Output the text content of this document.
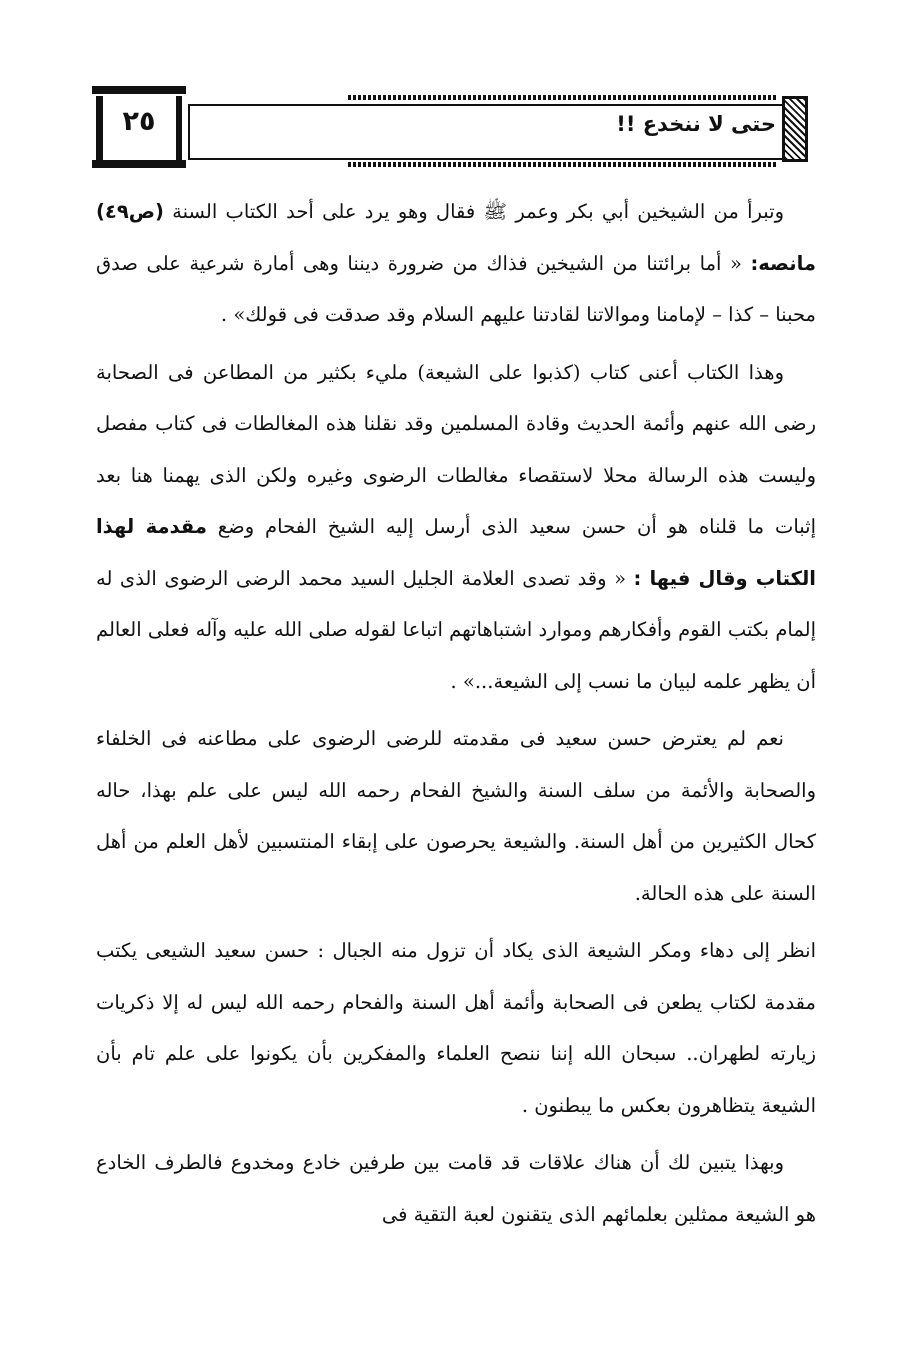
٢٥	حتى لا ننخدع !!

وتبرأ من الشيخين أبي بكر وعمر ﷺ فقال وهو يرد على أحد الكتاب السنة (ص٤٩) مانصه: « أما برائتنا من الشيخين فذاك من ضرورة ديننا وهى أمارة شرعية على صدق محبنا – كذا – لإمامنا وموالاتنا لقادتنا عليهم السلام وقد صدقت فى قولك» .

وهذا الكتاب أعنى كتاب (كذبوا على الشيعة) مليء بكثير من المطاعن فى الصحابة رضى الله عنهم وأئمة الحديث وقادة المسلمين وقد نقلنا هذه المغالطات فى كتاب مفصل وليست هذه الرسالة محلا لاستقصاء مغالطات الرضوى وغيره ولكن الذى يهمنا هنا بعد إثبات ما قلناه هو أن حسن سعيد الذى أرسل إليه الشيخ الفحام وضع مقدمة لهذا الكتاب وقال فيها : « وقد تصدى العلامة الجليل السيد محمد الرضى الرضوى الذى له إلمام بكتب القوم وأفكارهم وموارد اشتباهاتهم اتباعا لقوله صلى الله عليه وآله فعلى العالم أن يظهر علمه لبيان ما نسب إلى الشيعة...» .

نعم لم يعترض حسن سعيد فى مقدمته للرضى الرضوى على مطاعنه فى الخلفاء والصحابة والأئمة من سلف السنة والشيخ الفحام رحمه الله ليس على علم بهذا، حاله كحال الكثيرين من أهل السنة. والشيعة يحرصون على إبقاء المنتسبين لأهل العلم من أهل السنة على هذه الحالة.

انظر إلى دهاء ومكر الشيعة الذى يكاد أن تزول منه الجبال : حسن سعيد الشيعى يكتب مقدمة لكتاب يطعن فى الصحابة وأئمة أهل السنة والفحام رحمه الله ليس له إلا ذكريات زيارته لطهران.. سبحان الله إننا ننصح العلماء والمفكرين بأن يكونوا على علم تام بأن الشيعة يتظاهرون بعكس ما يبطنون .

وبهذا يتبين لك أن هناك علاقات قد قامت بين طرفين خادع ومخدوع فالطرف الخادع هو الشيعة ممثلين بعلمائهم الذى يتقنون لعبة التقية فى
